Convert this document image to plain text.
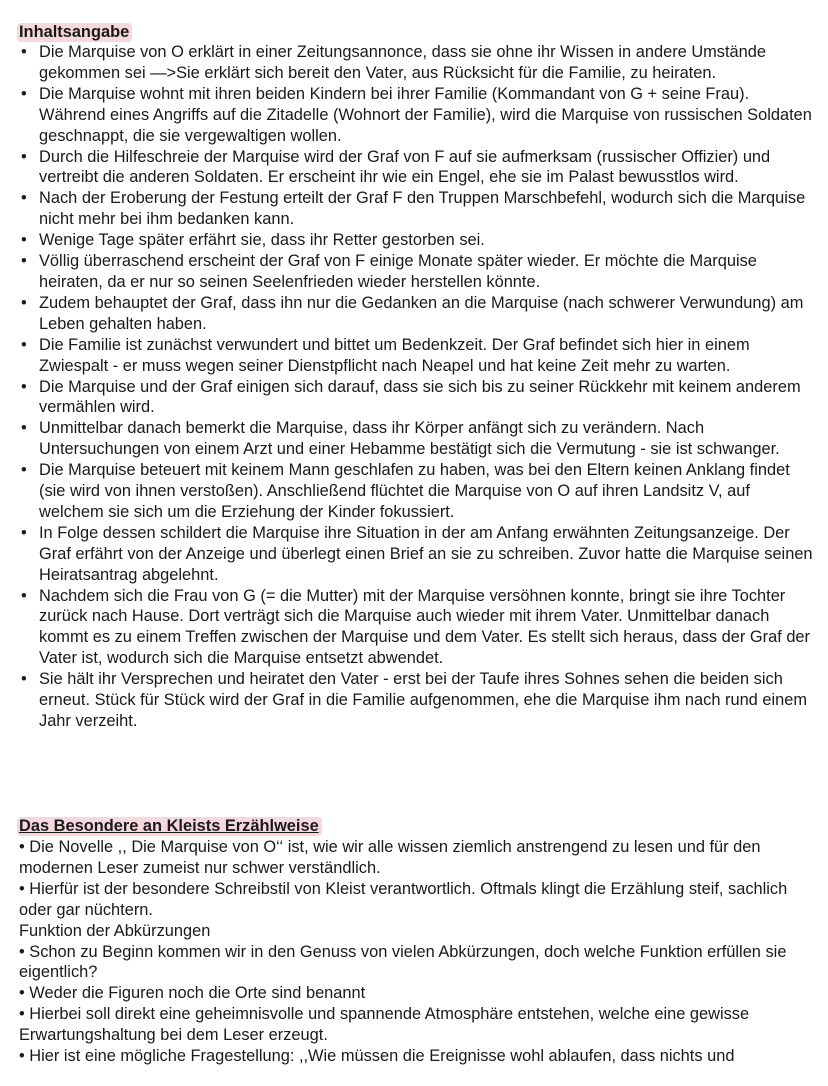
Inhaltsangabe
• Die Marquise von O erklärt in einer Zeitungsannonce, dass sie ohne ihr Wissen in andere Umstände gekommen sei —>Sie erklärt sich bereit den Vater, aus Rücksicht für die Familie, zu heiraten.
• Die Marquise wohnt mit ihren beiden Kindern bei ihrer Familie (Kommandant von G + seine Frau). Während eines Angriffs auf die Zitadelle (Wohnort der Familie), wird die Marquise von russischen Soldaten geschnappt, die sie vergewaltigen wollen.
• Durch die Hilfeschreie der Marquise wird der Graf von F auf sie aufmerksam (russischer Offizier) und vertreibt die anderen Soldaten. Er erscheint ihr wie ein Engel, ehe sie im Palast bewusstlos wird.
• Nach der Eroberung der Festung erteilt der Graf F den Truppen Marschbefehl, wodurch sich die Marquise nicht mehr bei ihm bedanken kann.
• Wenige Tage später erfährt sie, dass ihr Retter gestorben sei.
• Völlig überraschend erscheint der Graf von F einige Monate später wieder. Er möchte die Marquise heiraten, da er nur so seinen Seelenfrieden wieder herstellen könnte.
• Zudem behauptet der Graf, dass ihn nur die Gedanken an die Marquise (nach schwerer Verwundung) am Leben gehalten haben.
• Die Familie ist zunächst verwundert und bittet um Bedenkzeit. Der Graf befindet sich hier in einem Zwiespalt - er muss wegen seiner Dienstpflicht nach Neapel und hat keine Zeit mehr zu warten.
• Die Marquise und der Graf einigen sich darauf, dass sie sich bis zu seiner Rückkehr mit keinem anderem vermählen wird.
• Unmittelbar danach bemerkt die Marquise, dass ihr Körper anfängt sich zu verändern. Nach Untersuchungen von einem Arzt und einer Hebamme bestätigt sich die Vermutung - sie ist schwanger.
• Die Marquise beteuert mit keinem Mann geschlafen zu haben, was bei den Eltern keinen Anklang findet (sie wird von ihnen verstoßen). Anschließend flüchtet die Marquise von O auf ihren Landsitz V, auf welchem sie sich um die Erziehung der Kinder fokussiert.
• In Folge dessen schildert die Marquise ihre Situation in der am Anfang erwähnten Zeitungsanzeige. Der Graf erfährt von der Anzeige und überlegt einen Brief an sie zu schreiben. Zuvor hatte die Marquise seinen Heiratsantrag abgelehnt.
• Nachdem sich die Frau von G (= die Mutter) mit der Marquise versöhnen konnte, bringt sie ihre Tochter zurück nach Hause. Dort verträgt sich die Marquise auch wieder mit ihrem Vater. Unmittelbar danach kommt es zu einem Treffen zwischen der Marquise und dem Vater. Es stellt sich heraus, dass der Graf der Vater ist, wodurch sich die Marquise entsetzt abwendet.
• Sie hält ihr Versprechen und heiratet den Vater - erst bei der Taufe ihres Sohnes sehen die beiden sich erneut. Stück für Stück wird der Graf in die Familie aufgenommen, ehe die Marquise ihm nach rund einem Jahr verzeiht.
Das Besondere an Kleists Erzählweise

• Die Novelle ,, Die Marquise von O‘‘ ist, wie wir alle wissen ziemlich anstrengend zu lesen und für den modernen Leser zumeist nur schwer verständlich.

• Hierfür ist der besondere Schreibstil von Kleist verantwortlich. Oftmals klingt die Erzählung steif, sachlich oder gar nüchtern.

Funktion der Abkürzungen

• Schon zu Beginn kommen wir in den Genuss von vielen Abkürzungen, doch welche Funktion erfüllen sie eigentlich?

• Weder die Figuren noch die Orte sind benannt

• Hierbei soll direkt eine geheimnisvolle und spannende Atmosphäre entstehen, welche eine gewisse Erwartungshaltung bei dem Leser erzeugt.

• Hier ist eine mögliche Fragestellung: ,,Wie müssen die Ereignisse wohl ablaufen, dass nichts und
